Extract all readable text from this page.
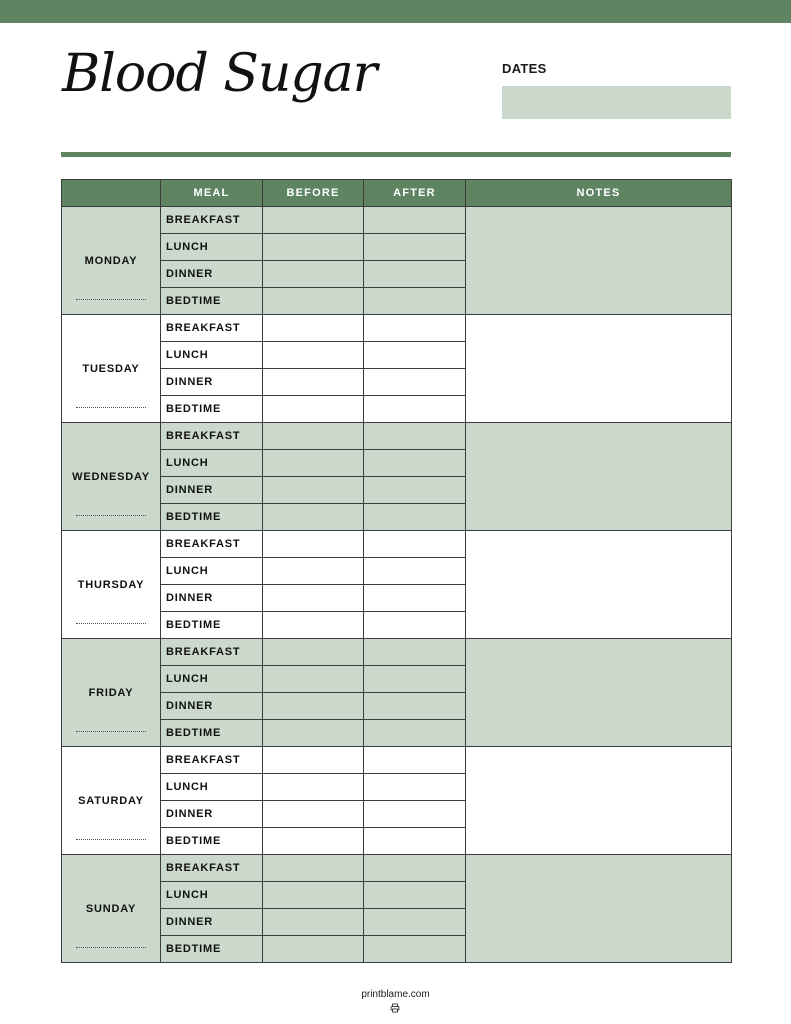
Blood Sugar	DATES
	MEAL	BEFORE	AFTER	NOTES
MONDAY	BREAKFAST			
	LUNCH			
	DINNER			
	BEDTIME			
TUESDAY	BREAKFAST			
	LUNCH			
	DINNER			
	BEDTIME			
WEDNESDAY	BREAKFAST			
	LUNCH			
	DINNER			
	BEDTIME			
THURSDAY	BREAKFAST			
	LUNCH			
	DINNER			
	BEDTIME			
FRIDAY	BREAKFAST			
	LUNCH			
	DINNER			
	BEDTIME			
SATURDAY	BREAKFAST			
	LUNCH			
	DINNER			
	BEDTIME			
SUNDAY	BREAKFAST			
	LUNCH			
	DINNER			
	BEDTIME			
printblame.com
